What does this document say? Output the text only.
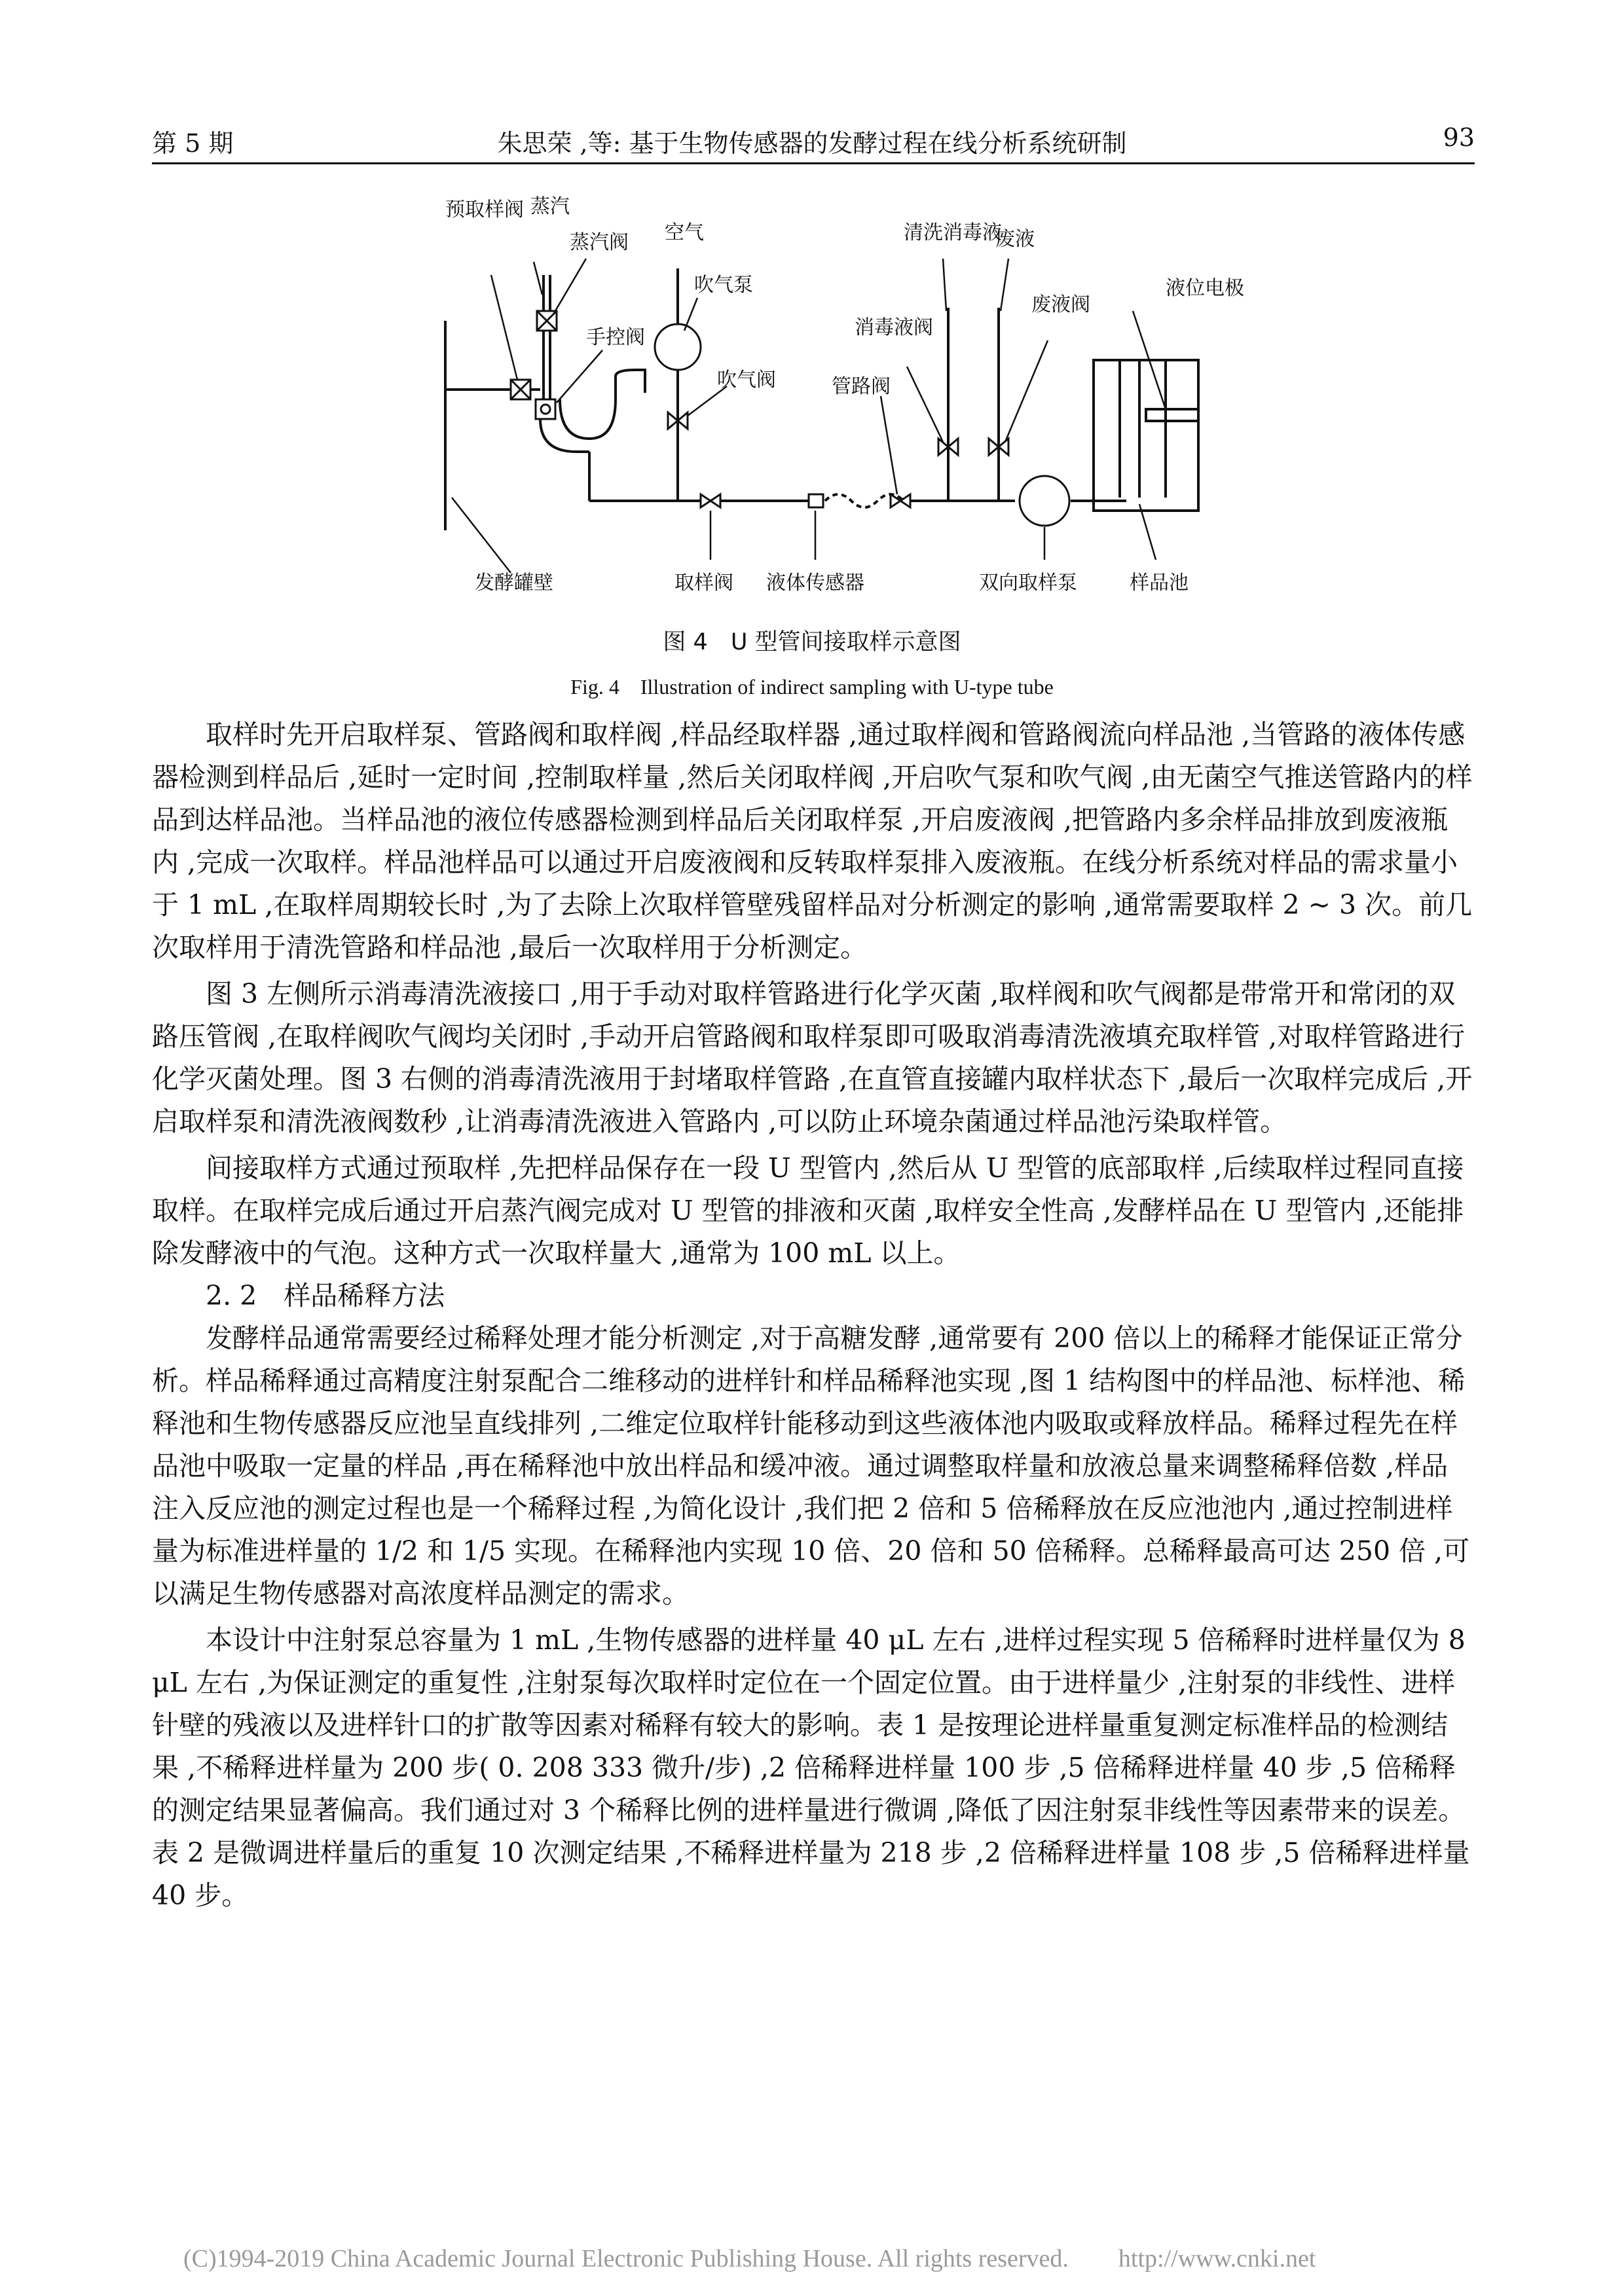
第 5 期	朱思荣 ,等: 基于生物传感器的发酵过程在线分析系统研制	93
预取样阀 蒸汽
蒸汽阀
手控阀
空气
吹气泵
吹气阀
清洗消毒液
废液
消毒液阀
废液阀
液位电极
管路阀
发酵罐壁	取样阀 液体传感器	双向取样泵	样品池
图 4　U 型管间接取样示意图
Fig. 4　Illustration of indirect sampling with U-type tube

取样时先开启取样泵、管路阀和取样阀 ,样品经取样器 ,通过取样阀和管路阀流向样品池 ,当管路的液体传感器检测到样品后 ,延时一定时间 ,控制取样量 ,然后关闭取样阀 ,开启吹气泵和吹气阀 ,由无菌空气推送管路内的样品到达样品池。当样品池的液位传感器检测到样品后关闭取样泵 ,开启废液阀 ,把管路内多余样品排放到废液瓶内 ,完成一次取样。样品池样品可以通过开启废液阀和反转取样泵排入废液瓶。在线分析系统对样品的需求量小于 1 mL ,在取样周期较长时 ,为了去除上次取样管壁残留样品对分析测定的影响 ,通常需要取样 2 ~ 3 次。前几次取样用于清洗管路和样品池 ,最后一次取样用于分析测定。

图 3 左侧所示消毒清洗液接口 ,用于手动对取样管路进行化学灭菌 ,取样阀和吹气阀都是带常开和常闭的双路压管阀 ,在取样阀吹气阀均关闭时 ,手动开启管路阀和取样泵即可吸取消毒清洗液填充取样管 ,对取样管路进行化学灭菌处理。图 3 右侧的消毒清洗液用于封堵取样管路 ,在直管直接罐内取样状态下 ,最后一次取样完成后 ,开启取样泵和清洗液阀数秒 ,让消毒清洗液进入管路内 ,可以防止环境杂菌通过样品池污染取样管。

间接取样方式通过预取样 ,先把样品保存在一段 U 型管内 ,然后从 U 型管的底部取样 ,后续取样过程同直接取样。在取样完成后通过开启蒸汽阀完成对 U 型管的排液和灭菌 ,取样安全性高 ,发酵样品在 U 型管内 ,还能排除发酵液中的气泡。这种方式一次取样量大 ,通常为 100 mL 以上。

2. 2　样品稀释方法

发酵样品通常需要经过稀释处理才能分析测定 ,对于高糖发酵 ,通常要有 200 倍以上的稀释才能保证正常分析。样品稀释通过高精度注射泵配合二维移动的进样针和样品稀释池实现 ,图 1 结构图中的样品池、标样池、稀释池和生物传感器反应池呈直线排列 ,二维定位取样针能移动到这些液体池内吸取或释放样品。稀释过程先在样品池中吸取一定量的样品 ,再在稀释池中放出样品和缓冲液。通过调整取样量和放液总量来调整稀释倍数 ,样品注入反应池的测定过程也是一个稀释过程 ,为简化设计 ,我们把 2 倍和 5 倍稀释放在反应池池内 ,通过控制进样量为标准进样量的 1/2 和 1/5 实现。在稀释池内实现 10 倍、20 倍和 50 倍稀释。总稀释最高可达 250 倍 ,可以满足生物传感器对高浓度样品测定的需求。

本设计中注射泵总容量为 1 mL ,生物传感器的进样量 40 μL 左右 ,进样过程实现 5 倍稀释时进样量仅为 8 μL 左右 ,为保证测定的重复性 ,注射泵每次取样时定位在一个固定位置。由于进样量少 ,注射泵的非线性、进样针壁的残液以及进样针口的扩散等因素对稀释有较大的影响。表 1 是按理论进样量重复测定标准样品的检测结果 ,不稀释进样量为 200 步( 0. 208 333 微升/步) ,2 倍稀释进样量 100 步 ,5 倍稀释进样量 40 步 ,5 倍稀释的测定结果显著偏高。我们通过对 3 个稀释比例的进样量进行微调 ,降低了因注射泵非线性等因素带来的误差。表 2 是微调进样量后的重复 10 次测定结果 ,不稀释进样量为 218 步 ,2 倍稀释进样量 108 步 ,5 倍稀释进样量 40 步。

(C)1994-2019 China Academic Journal Electronic Publishing House. All rights reserved.　　http://www.cnki.net
